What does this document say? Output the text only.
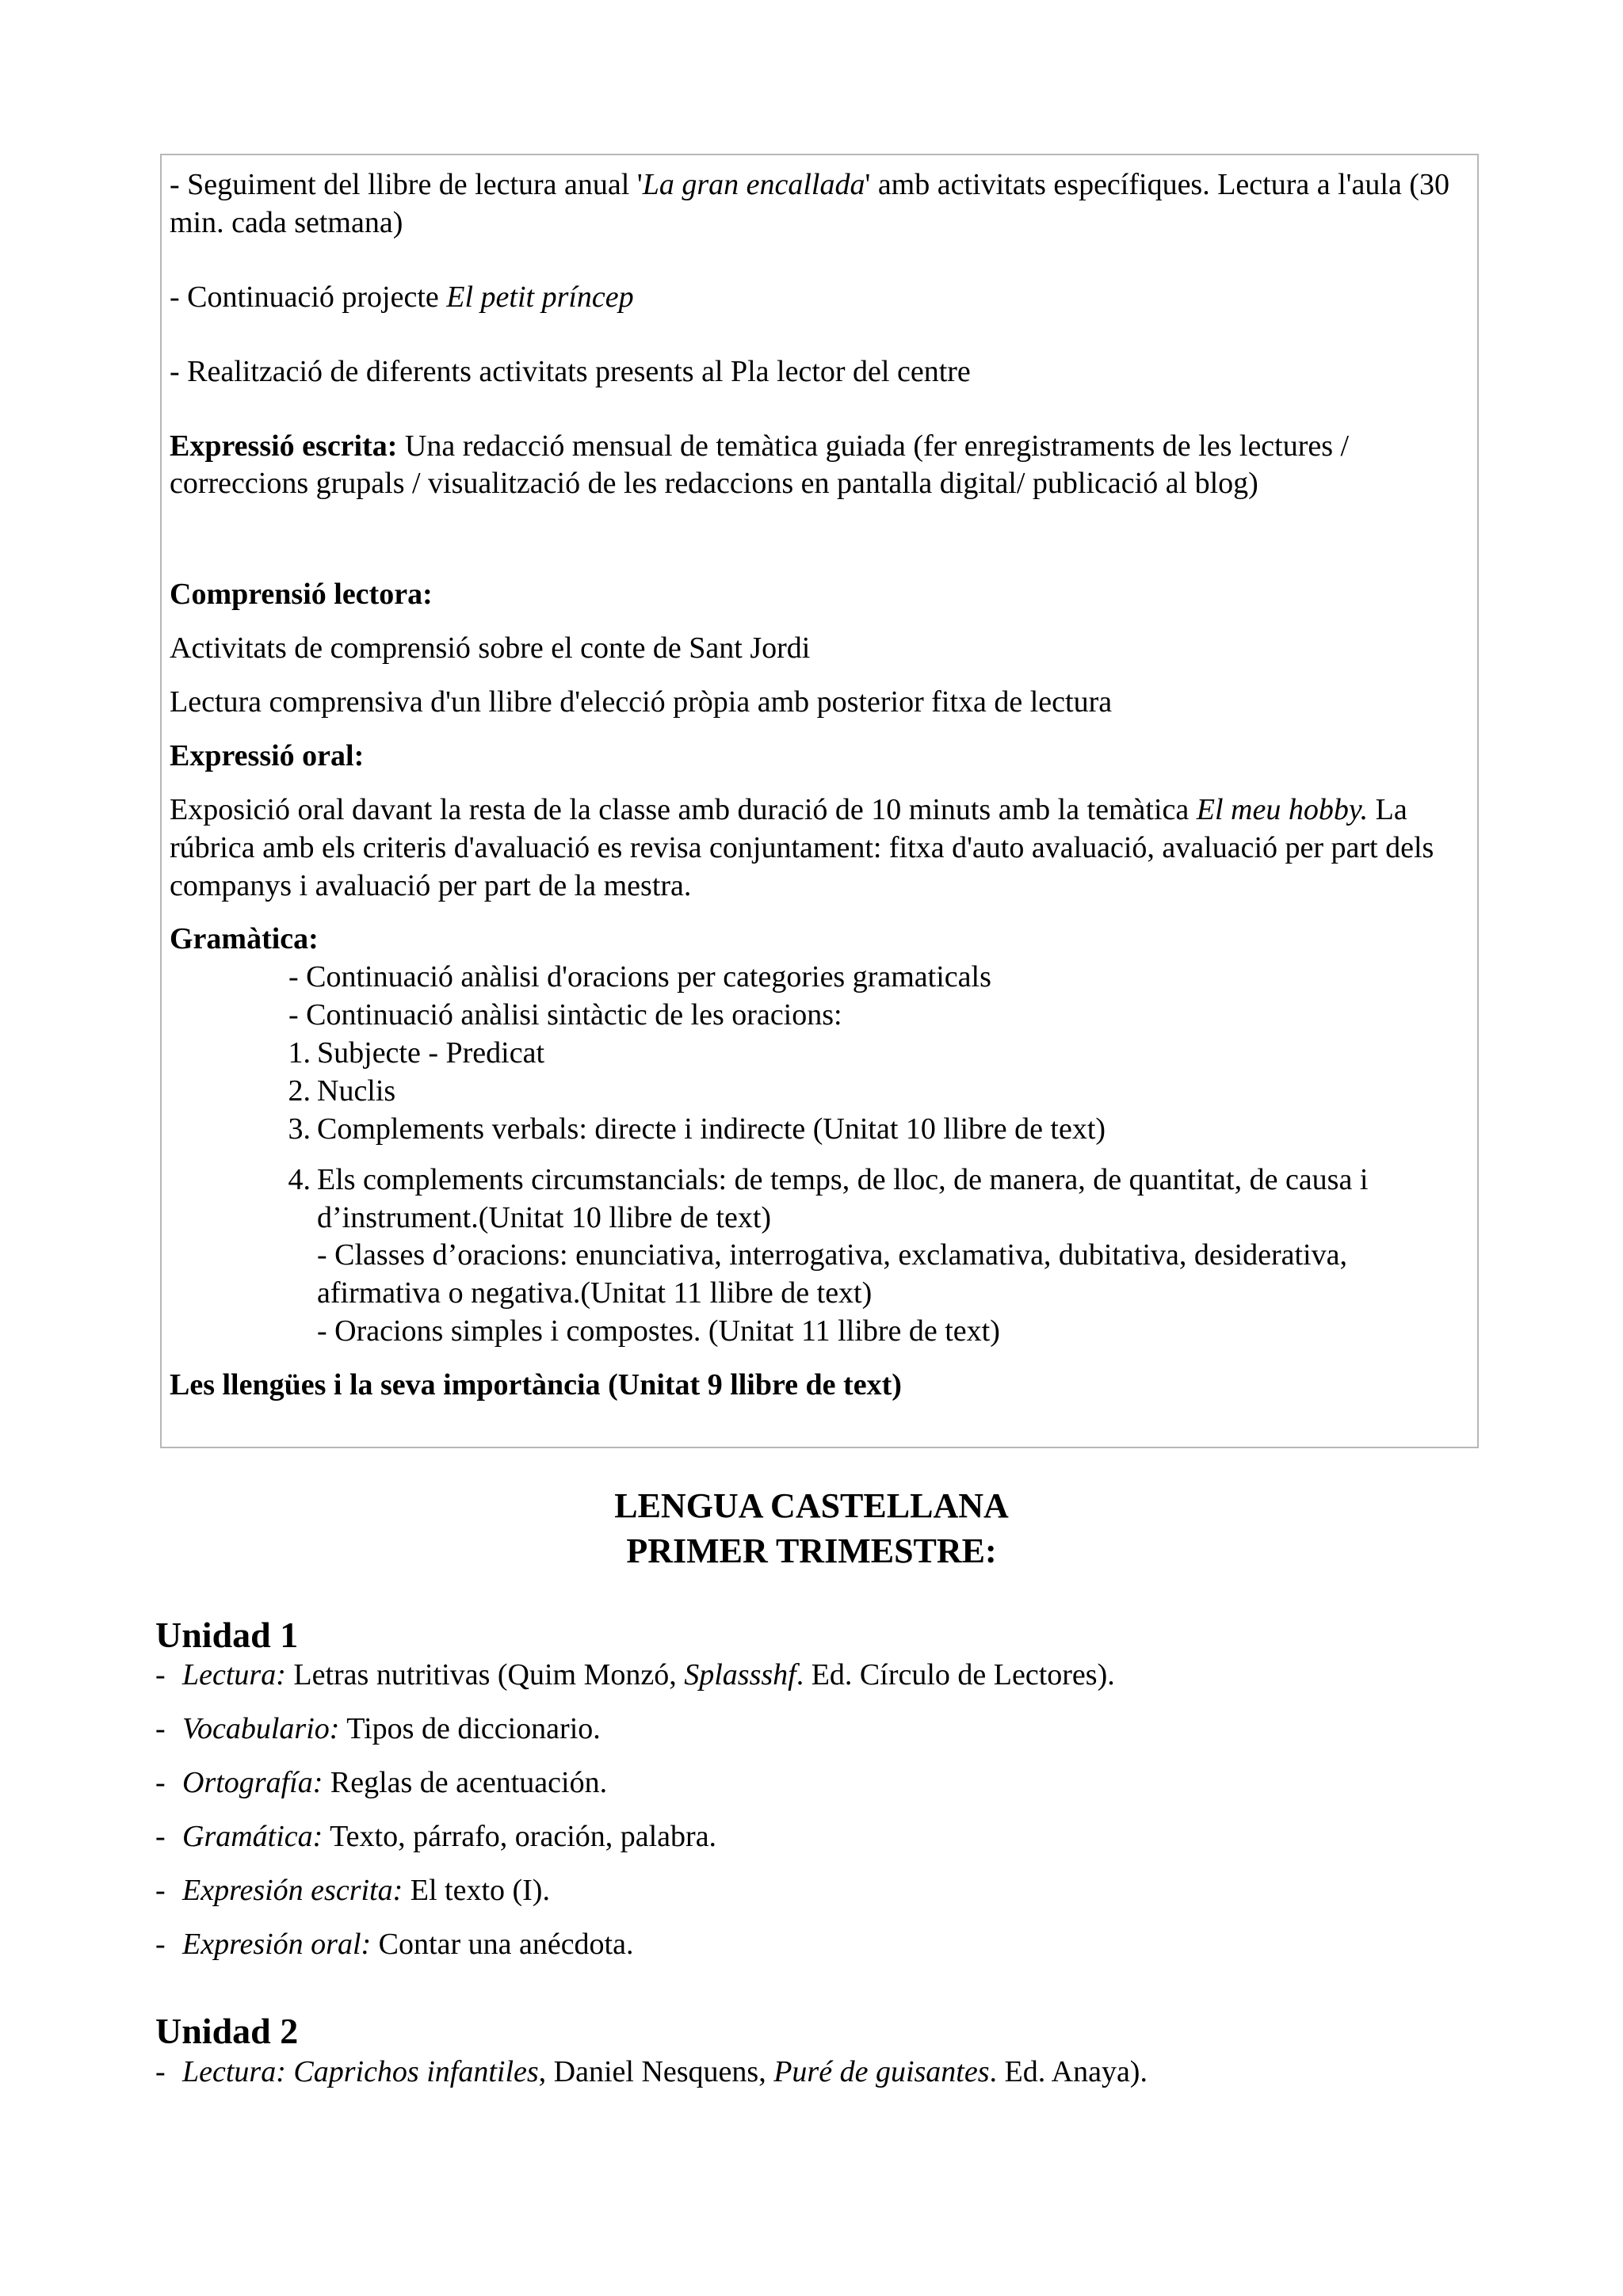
- Seguiment del llibre de lectura anual 'La gran encallada' amb activitats específiques. Lectura a l'aula (30 min. cada setmana)

- Continuació projecte El petit príncep

- Realització de diferents activitats presents al Pla lector del centre

Expressió escrita: Una redacció mensual de temàtica guiada (fer enregistraments de les lectures / correccions grupals / visualització de les redaccions en pantalla digital/ publicació al blog)

Comprensió lectora:

Activitats de comprensió sobre el conte de Sant Jordi

Lectura comprensiva d'un llibre d'elecció pròpia amb posterior fitxa de lectura

Expressió oral:

Exposició oral davant la resta de la classe amb duració de 10 minuts amb la temàtica El meu hobby. La rúbrica amb els criteris d'avaluació es revisa conjuntament: fitxa d'auto avaluació, avaluació per part dels companys i avaluació per part de la mestra.

Gramàtica:

- Continuació anàlisi d'oracions per categories gramaticals

- Continuació anàlisi sintàctic de les oracions:

1. Subjecte - Predicat
2. Nuclis
3. Complements verbals: directe i indirecte (Unitat 10 llibre de text)
4. Els complements circumstancials: de temps, de lloc, de manera, de quantitat, de causa i d’instrument.(Unitat 10 llibre de text)

- Classes d’oracions: enunciativa, interrogativa, exclamativa, dubitativa, desiderativa, afirmativa o negativa.(Unitat 11 llibre de text)

- Oracions simples i compostes. (Unitat 11 llibre de text)

Les llengües i la seva importància (Unitat 9 llibre de text)

LENGUA CASTELLANA
PRIMER TRIMESTRE:

Unidad 1

- Lectura: Letras nutritivas (Quim Monzó, Splassshf. Ed. Círculo de Lectores).
- Vocabulario: Tipos de diccionario.
- Ortografía: Reglas de acentuación.
- Gramática: Texto, párrafo, oración, palabra.
- Expresión escrita: El texto (I).
- Expresión oral: Contar una anécdota.

Unidad 2

- Lectura: Caprichos infantiles, Daniel Nesquens, Puré de guisantes. Ed. Anaya).
